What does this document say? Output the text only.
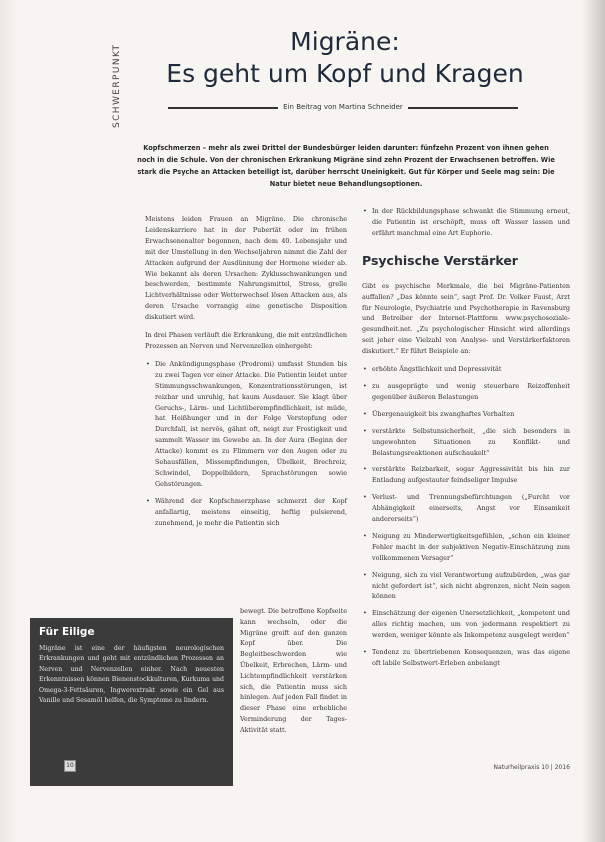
SCHWERPUNKT
Migräne:
Es geht um Kopf und Kragen
Ein Beitrag von Martina Schneider
Kopfschmerzen – mehr als zwei Drittel der Bundesbürger leiden darunter: fünfzehn Prozent von ihnen gehen noch in die Schule. Von der chronischen Erkrankung Migräne sind zehn Prozent der Erwachsenen betroffen. Wie stark die Psyche an Attacken beteiligt ist, darüber herrscht Uneinigkeit. Gut für Körper und Seele mag sein: Die Natur bietet neue Behandlungsoptionen.

Meistens leiden Frauen an Migräne. Die chronische Leidenskarriere hat in der Pubertät oder im frühen Erwachsenenalter begonnen, nach dem 40. Lebensjahr und mit der Umstellung in den Wechseljahren nimmt die Zahl der Attacken aufgrund der Ausdünnung der Hormone wieder ab. Wie bekannt als deren Ursachen: Zyklusschwankungen und beschwerden, bestimmte Nahrungsmittel, Stress, grelle Lichtverhältnisse oder Wetterwechsel lösen Attacken aus, als deren Ursache vorrangig eine genetische Disposition diskutiert wird.

In drei Phasen verläuft die Erkrankung, die mit entzündlichen Prozessen an Nerven und Nervenzellen einhergeht:

• Die Ankündigungsphase (Prodromi) umfasst Stunden bis zu zwei Tagen vor einer Attacke. Die Patientin leidet unter Stimmungsschwankungen, Konzentrationsstörungen, ist reizbar und unruhig, hat kaum Ausdauer. Sie klagt über Geruchs-, Lärm- und Lichtüberempfindlichkeit, ist müde, hat Heißhunger und in der Folge Verstopfung oder Durchfall, ist nervös, gähnt oft, neigt zur Frostigkeit und sammelt Wasser im Gewebe an. In der Aura (Beginn der Attacke) kommt es zu Flimmern vor den Augen oder zu Sehausfällen, Missempfindungen, Übelkeit, Brechreiz, Schwindel, Doppelbildern, Sprachstörungen sowie Gehstörungen.
• Während der Kopfschmerzphase schmerzt der Kopf anfallartig, meistens einseitig, heftig pulsierend, zunehmend, je mehr die Patientin sich
bewegt. Die betroffene Kopfseite kann wechseln, oder die Migräne greift auf den ganzen Kopf über. Die Begleitbeschwerden wie Übelkeit, Erbrechen, Lärm- und Lichtempfindlichkeit verstärken sich, die Patientin muss sich hinlegen. Auf jeden Fall findet in dieser Phase eine erhebliche Verminderung der Tages-Aktivität statt.
• In der Rückbildungsphase schwankt die Stimmung erneut, die Patientin ist erschöpft, muss oft Wasser lassen und erfährt manchmal eine Art Euphorie.
Psychische Verstärker

Gibt es psychische Merkmale, die bei Migräne-Patienten auffallen? „Das könnte sein“, sagt Prof. Dr. Volker Faust, Arzt für Neurologie, Psychiatrie und Psychotherapie in Ravensburg und Betreiber der Internet-Plattform www.psychosoziale-gesundheit.net. „Zu psychologischer Hinsicht wird allerdings seit jeher eine Vielzahl von Analyse- und Verstärkerfaktoren diskutiert.“ Er führt Beispiele an:

• erhöhte Ängstlichkeit und Depressivität
• zu ausgeprägte und wenig steuerbare Reizoffenheit gegenüber äußeren Belastungen
• Übergenauigkeit bis zwanghaftes Verhalten
• verstärkte Selbstunsicherheit, „die sich besonders in ungewohnten Situationen zu Konflikt- und Belastungsreaktionen aufschaukelt“
• verstärkte Reizbarkeit, sogar Aggressivität bis hin zur Entladung aufgestauter feindseliger Impulse
• Verlust- und Trennungsbefürchtungen („Furcht vor Abhängigkeit einerseits, Angst vor Einsamkeit andererseits“)
• Neigung zu Minderwertigkeitsgefühlen, „schon ein kleiner Fehler macht in der subjektiven Negativ-Einschätzung zum vollkommenen Versager“
• Neigung, sich zu viel Verantwortung aufzubürden, „was gar nicht gefordert ist“, sich nicht abgrenzen, nicht Nein sagen können
• Einschätzung der eigenen Unersetzlichkeit, „kompetent und alles richtig machen, um von jedermann respektiert zu werden, weniger könnte als Inkompetenz ausgelegt werden“
• Tendenz zu übertriebenen Konsequenzen, was das eigene oft labile Selbstwert-Erleben anbelangt
Für Eilige

Migräne ist eine der häufigsten neurologischen Erkrankungen und geht mit entzündlichen Prozessen an Nerven und Nervenzellen einher. Nach neuesten Erkenntnissen können Bienenstockkulturen, Kurkuma und Omega-3-Fettsäuren, Ingwerextrakt sowie ein Gel aus Vanille und Sesamöl helfen, die Symptome zu lindern.

10	Naturheilpraxis 10 | 2016
